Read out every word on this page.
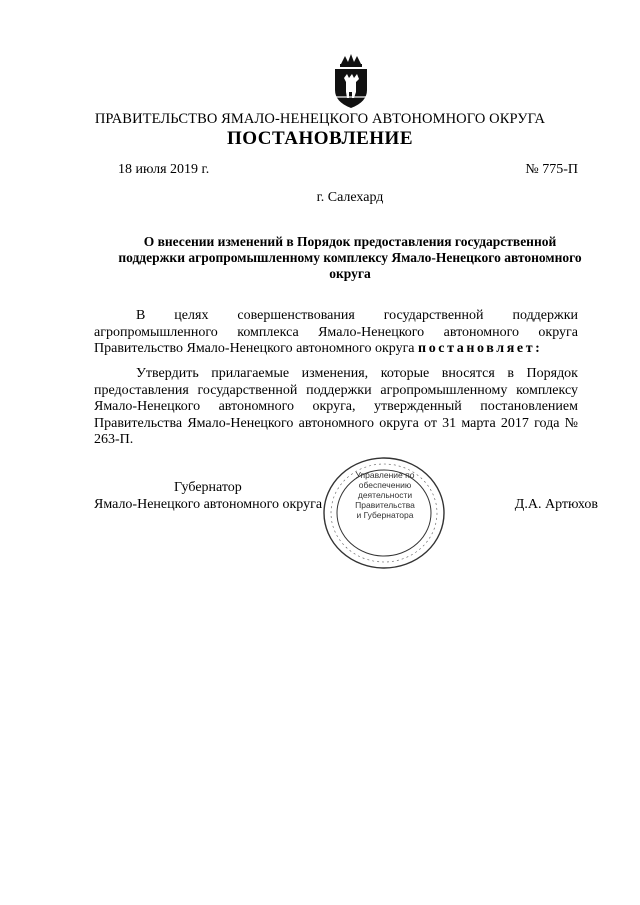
ПРАВИТЕЛЬСТВО ЯМАЛО-НЕНЕЦКОГО АВТОНОМНОГО ОКРУГА
ПОСТАНОВЛЕНИЕ
18 июля 2019 г.	№ 775-П
г. Салехард
О внесении изменений в Порядок предоставления государственной поддержки агропромышленному комплексу Ямало-Ненецкого автономного округа
В целях совершенствования государственной поддержки агропромышленного комплекса Ямало-Ненецкого автономного округа Правительство Ямало-Ненецкого автономного округа постановляет:
Утвердить прилагаемые изменения, которые вносятся в Порядок предоставления государственной поддержки агропромышленному комплексу Ямало-Ненецкого автономного округа, утвержденный постановлением Правительства Ямало-Ненецкого автономного округа от 31 марта 2017 года № 263-П.
Губернатор
Ямало-Ненецкого автономного округа	Д.А. Артюхов
Управление по
обеспечению
деятельности
Правительства
и Губернатора
